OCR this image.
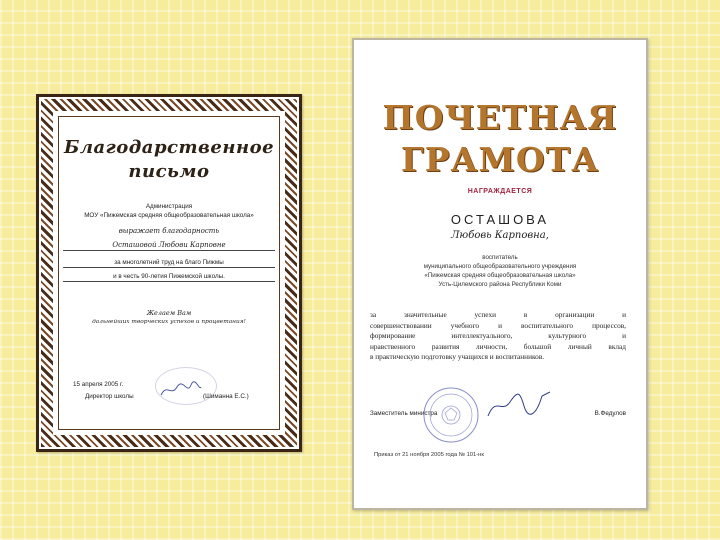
Благодарственное
письмо
Администрация
МОУ «Пижемская средняя общеобразовательная школа»
выражает благодарность
Осташовой Любови Карповне
за многолетний труд на благо Пижмы
и в честь 90-летия Пижемской школы.
Желаем Вам
дальнейших творческих успехов и процветания!
15 апреля 2005 г.
Директор школы	(Шиманна Е.С.)
ПОЧЕТНАЯ
ГРАМОТА
НАГРАЖДАЕТСЯ
ОСТАШОВА
Любовь Карповна,
воспитатель
муниципального общеобразовательного учреждения
«Пижемская средняя общеобразовательная школа»
Усть-Цилемского района Республики Коми
за значительные успехи в организации и
совершенствовании учебного и воспитательного процессов,
формирование интеллектуального, культурного и
нравственного развития личности, большой личный вклад
в практическую подготовку учащихся и воспитанников.
Заместитель министра	В.Федулов
Приказ от 21 ноября 2005 года № 101-нк
